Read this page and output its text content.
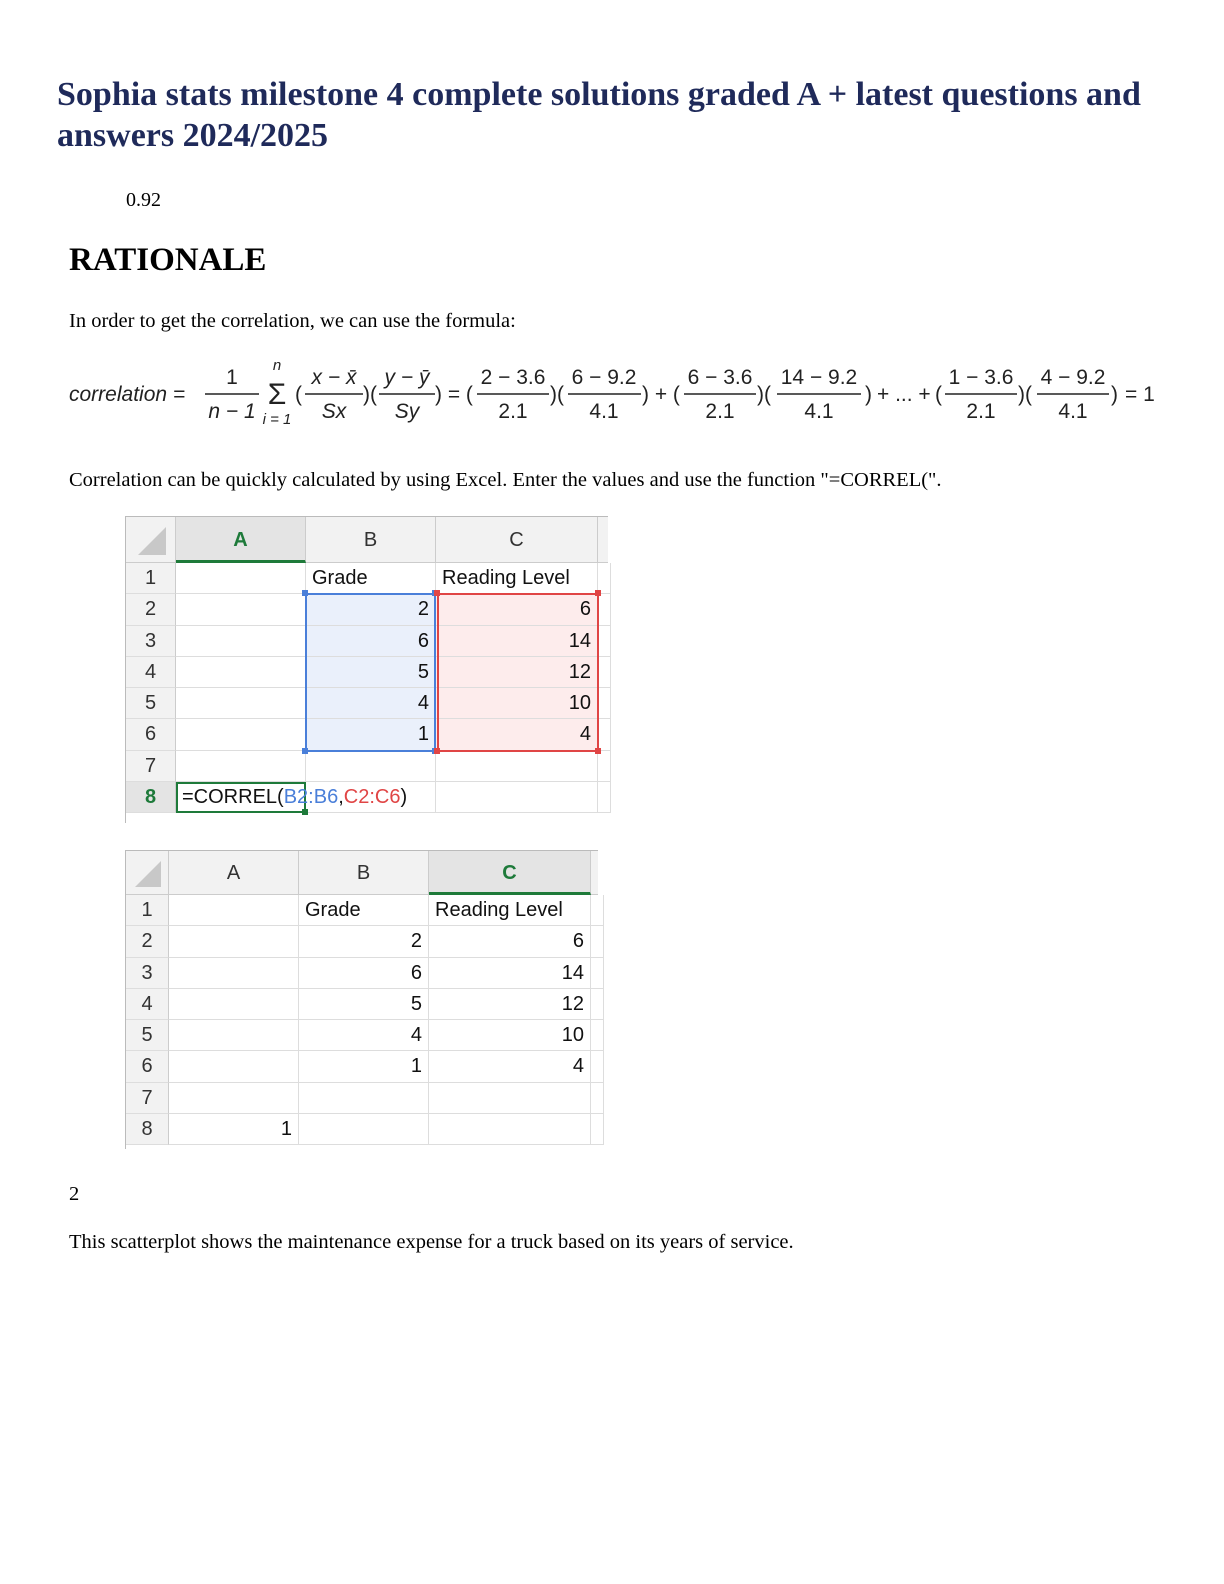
Sophia stats milestone 4 complete solutions graded A + latest questions and answers 2024/2025
0.92
RATIONALE
In order to get the correlation, we can use the formula:
correlation =
1
n − 1
n
Σ
i = 1
(
x − x̄
Sx
)(
y − ȳ
Sy
) = (
2 − 3.6
2.1
)(
6 − 9.2
4.1
) + (
6 − 3.6
2.1
)(
14 − 9.2
4.1
) + ... + (
1 − 3.6
2.1
)(
4 − 9.2
4.1
) = 1
Correlation can be quickly calculated by using Excel. Enter the values and use the function "=CORREL(".
A	B	C
1	Grade	Reading Level
2	2	6
3	6	14
4	5	12
5	4	10
6	1	4
7
8	=CORREL(B2:B6,C2:C6)
A	B	C
1	Grade	Reading Level
2	2	6
3	6	14
4	5	12
5	4	10
6	1	4
7
8	1
2
This scatterplot shows the maintenance expense for a truck based on its years of service.
